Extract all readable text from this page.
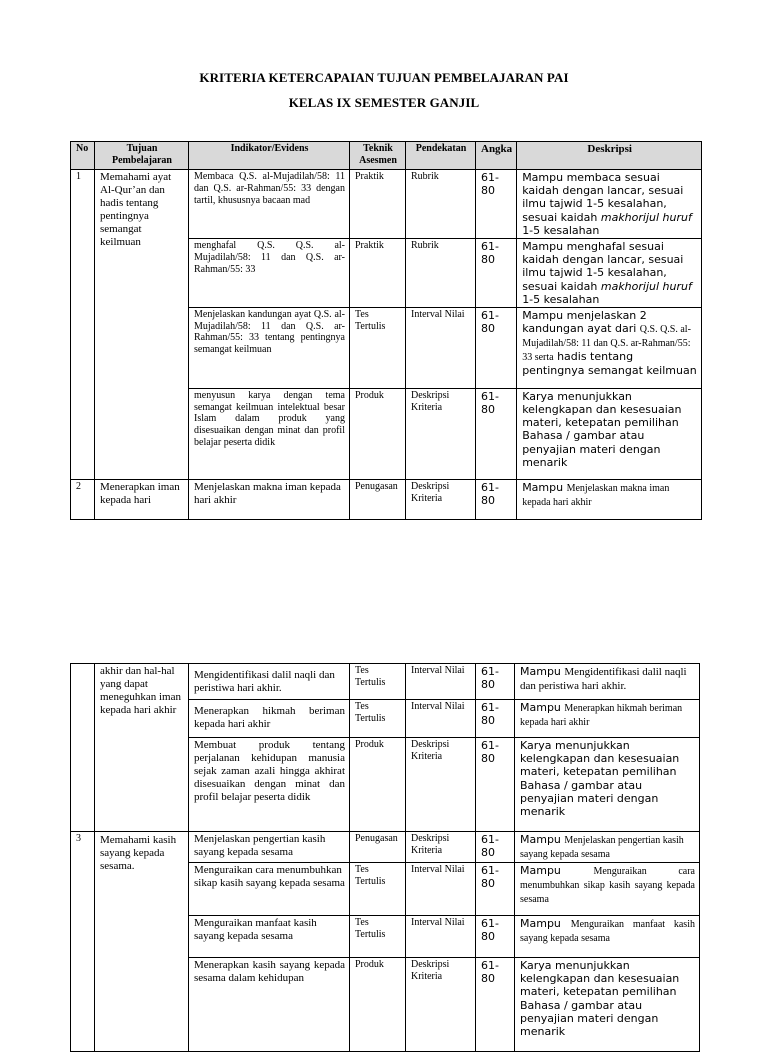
KRITERIA KETERCAPAIAN TUJUAN PEMBELAJARAN PAI
KELAS IX SEMESTER GANJIL
No	Tujuan Pembelajaran	Indikator/Evidens	Teknik Asesmen	Pendekatan	Angka	Deskripsi
1	Memahami ayat Al-Qur’an dan hadis tentang pentingnya semangat keilmuan	Membaca Q.S. al-Mujadilah/58: 11 dan Q.S. ar-Rahman/55: 33 dengan tartil, khususnya bacaan mad	Praktik	Rubrik	61-80	Mampu membaca sesuai kaidah dengan lancar, sesuai ilmu tajwid 1-5 kesalahan, sesuai kaidah makhorijul huruf 1-5 kesalahan
		menghafal Q.S. Q.S. al-Mujadilah/58: 11 dan Q.S. ar-Rahman/55: 33	Praktik	Rubrik	61-80	Mampu menghafal sesuai kaidah dengan lancar, sesuai ilmu tajwid 1-5 kesalahan, sesuai kaidah makhorijul huruf 1-5 kesalahan
		Menjelaskan kandungan ayat Q.S. al-Mujadilah/58: 11 dan Q.S. ar-Rahman/55: 33 tentang pentingnya semangat keilmuan	Tes Tertulis	Interval Nilai	61-80	Mampu menjelaskan 2 kandungan ayat dari Q.S. Q.S. al-Mujadilah/58: 11 dan Q.S. ar-Rahman/55: 33 serta hadis tentang pentingnya semangat keilmuan
		menyusun karya dengan tema semangat keilmuan intelektual besar Islam dalam produk yang disesuaikan dengan minat dan profil belajar peserta didik	Produk	Deskripsi Kriteria	61-80	Karya menunjukkan kelengkapan dan kesesuaian materi, ketepatan pemilihan Bahasa / gambar atau penyajian materi dengan menarik
2	Menerapkan iman kepada hari	Menjelaskan makna iman kepada hari akhir	Penugasan	Deskripsi Kriteria	61-80	Mampu Menjelaskan makna iman kepada hari akhir
	akhir dan hal-hal yang dapat meneguhkan iman kepada hari akhir	Mengidentifikasi dalil naqli dan peristiwa hari akhir.	Tes Tertulis	Interval Nilai	61-80	Mampu Mengidentifikasi dalil naqli dan peristiwa hari akhir.
		Menerapkan hikmah beriman kepada hari akhir	Tes Tertulis	Interval Nilai	61-80	Mampu Menerapkan hikmah beriman kepada hari akhir
		Membuat produk tentang perjalanan kehidupan manusia sejak zaman azali hingga akhirat disesuaikan dengan minat dan profil belajar peserta didik	Produk	Deskripsi Kriteria	61-80	Karya menunjukkan kelengkapan dan kesesuaian materi, ketepatan pemilihan Bahasa / gambar atau penyajian materi dengan menarik
3	Memahami kasih sayang kepada sesama.	Menjelaskan pengertian kasih sayang kepada sesama	Penugasan	Deskripsi Kriteria	61-80	Mampu Menjelaskan pengertian kasih sayang kepada sesama
		Menguraikan cara menumbuhkan sikap kasih sayang kepada sesama	Tes Tertulis	Interval Nilai	61-80	Mampu Menguraikan cara menumbuhkan sikap kasih sayang kepada sesama
		Menguraikan manfaat kasih sayang kepada sesama	Tes Tertulis	Interval Nilai	61-80	Mampu Menguraikan manfaat kasih sayang kepada sesama
		Menerapkan kasih sayang kepada sesama dalam kehidupan	Produk	Deskripsi Kriteria	61-80	Karya menunjukkan kelengkapan dan kesesuaian materi, ketepatan pemilihan Bahasa / gambar atau penyajian materi dengan menarik
